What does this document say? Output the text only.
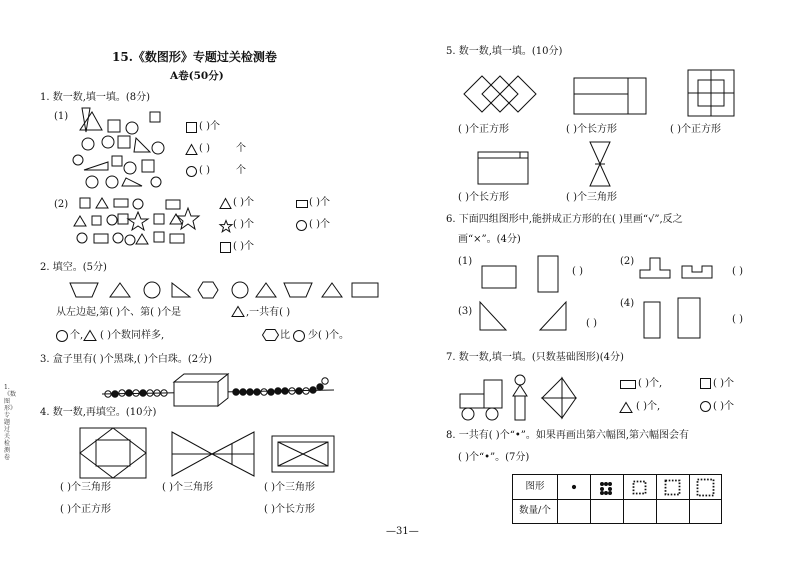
15.《数图形》专题过关检测卷
A卷(50分)
1. 数一数,填一填。(8分)
(1)
( )个
( )	个
( )	个
(2)	( )个	( )个
( )个	( )个
( )个
2. 填空。(5分)
从左边起,第( )个、第( )个是	,一共有( )
个, ( )个数同样多,	比 少( )个。
3. 盒子里有( )个黑珠,( )个白珠。(2分)
4. 数一数,再填空。(10分)
( )个三角形
( )个正方形
( )个三角形	( )个三角形
( )个长方形
1. 《数图形》专题过关检测卷
—31—
5. 数一数,填一填。(10分)
( )个正方形	( )个长方形	( )个正方形
( )个长方形	( )个三角形
6. 下面四组图形中,能拼成正方形的在( )里画“√”,反之
画“×”。(4分)
(1)
( )
(2)
( )
(3)
( )
(4)
( )
7. 数一数,填一填。(只数基础图形)(4分)
( )个,	( )个
( )个,	( )个
8. 一共有( )个“•”。如果再画出第六幅图,第六幅图会有
( )个“•”。(7分)
图形
数量/个
